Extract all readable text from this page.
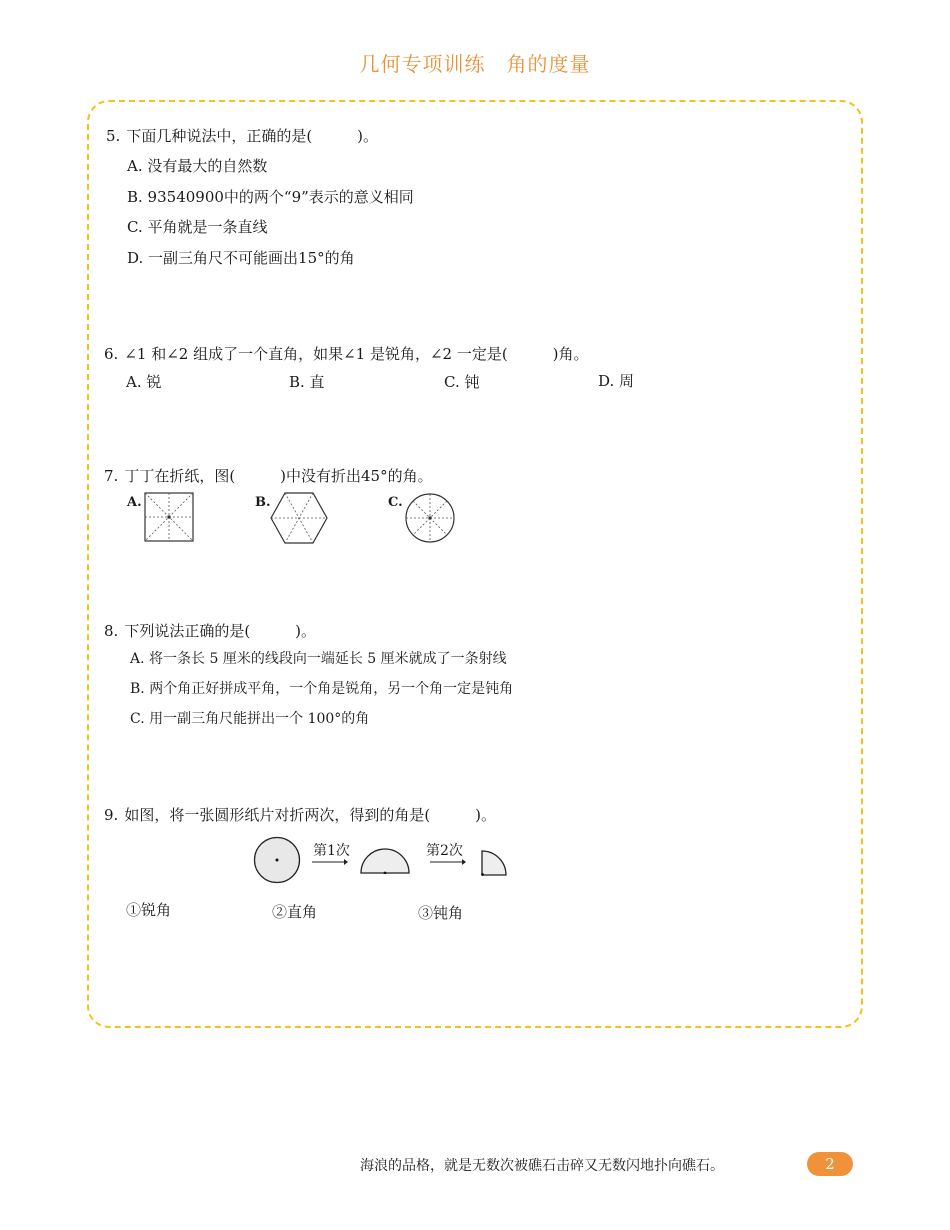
几何专项训练　角的度量
5. 下面几种说法中，正确的是(　　　)。
A. 没有最大的自然数
B. 93540900中的两个“9”表示的意义相同
C. 平角就是一条直线
D. 一副三角尺不可能画出15°的角
6. ∠1 和∠2 组成了一个直角，如果∠1 是锐角，∠2 一定是(　　　)角。
A. 锐	B. 直	C. 钝	D. 周
7. 丁丁在折纸，图(　　　)中没有折出45°的角。
A.	B.	C.
8. 下列说法正确的是(　　　)。
A. 将一条长 5 厘米的线段向一端延长 5 厘米就成了一条射线
B. 两个角正好拼成平角，一个角是锐角，另一个角一定是钝角
C. 用一副三角尺能拼出一个 100°的角
9. 如图，将一张圆形纸片对折两次，得到的角是(　　　)。
第1次	第2次
①锐角	②直角	③钝角
海浪的品格，就是无数次被礁石击碎又无数闪地扑向礁石。	2
